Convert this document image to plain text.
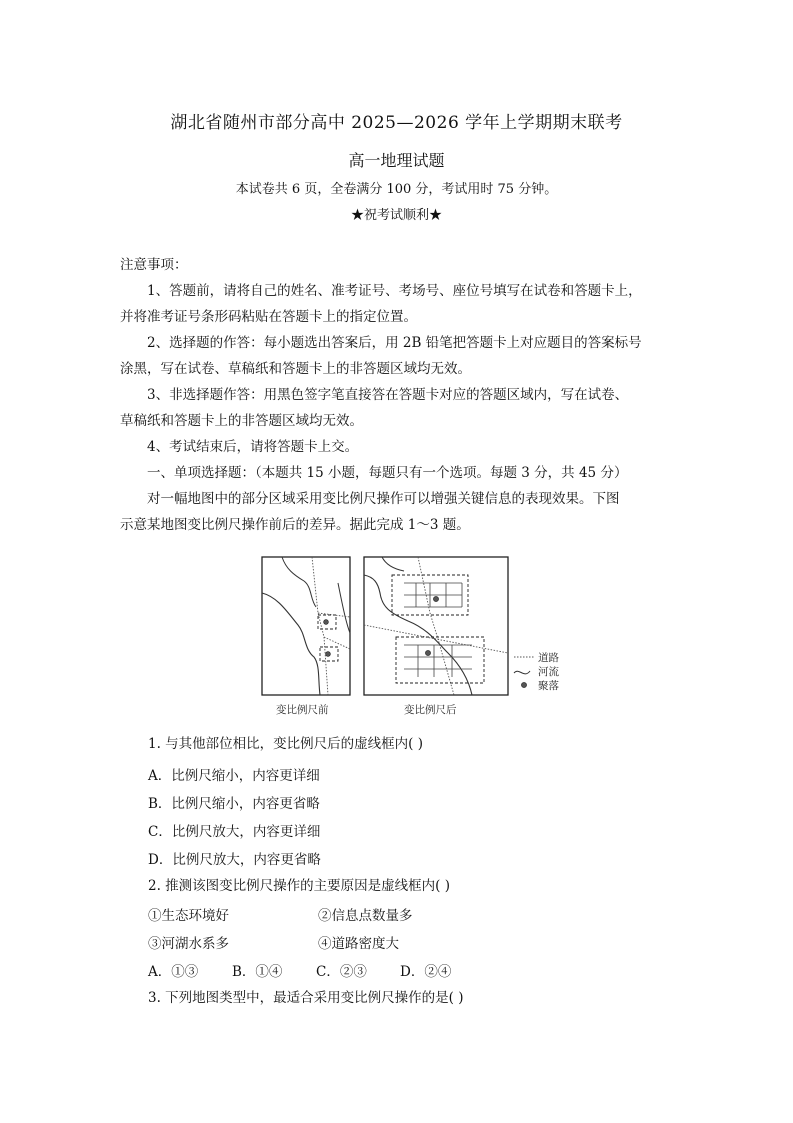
湖北省随州市部分高中 2025—2026 学年上学期期末联考
高一地理试题
本试卷共 6 页，全卷满分 100 分，考试用时 75 分钟。
★祝考试顺利★

注意事项：

1、答题前，请将自己的姓名、准考证号、考场号、座位号填写在试卷和答题卡上，

并将准考证号条形码粘贴在答题卡上的指定位置。

2、选择题的作答：每小题选出答案后，用 2B 铅笔把答题卡上对应题目的答案标号

涂黑，写在试卷、草稿纸和答题卡上的非答题区域均无效。

3、非选择题作答：用黑色签字笔直接答在答题卡对应的答题区域内，写在试卷、

草稿纸和答题卡上的非答题区域均无效。

4、考试结束后，请将答题卡上交。

一、单项选择题：（本题共 15 小题，每题只有一个选项。每题 3 分，共 45 分）

对一幅地图中的部分区域采用变比例尺操作可以增强关键信息的表现效果。下图

示意某地图变比例尺操作前后的差异。据此完成 1～3 题。

道路
河流
聚落
变比例尺前	变比例尺后
1. 与其他部位相比，变比例尺后的虚线框内( )
A．比例尺缩小，内容更详细
B．比例尺缩小，内容更省略
C．比例尺放大，内容更详细
D．比例尺放大，内容更省略
2. 推测该图变比例尺操作的主要原因是虚线框内( )
①生态环境好	②信息点数量多
③河湖水系多	④道路密度大
A．①③	B．①④ C．②③ D．②④
3. 下列地图类型中，最适合采用变比例尺操作的是( )
